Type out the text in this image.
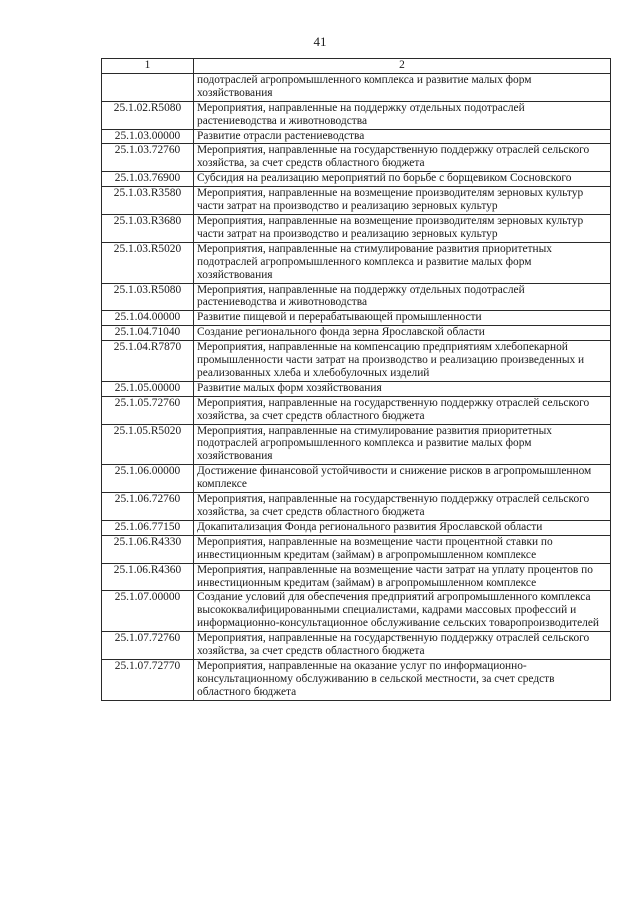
41
1	2
	подотраслей агропромышленного комплекса и развитие малых форм хозяйствования
25.1.02.R5080	Мероприятия, направленные на поддержку отдельных подотраслей растениеводства и животноводства
25.1.03.00000	Развитие отрасли растениеводства
25.1.03.72760	Мероприятия, направленные на государственную поддержку отраслей сельского хозяйства, за счет средств областного бюджета
25.1.03.76900	Субсидия на реализацию мероприятий по борьбе с борщевиком Сосновского
25.1.03.R3580	Мероприятия, направленные на возмещение производителям зерновых культур части затрат на производство и реализацию зерновых культур
25.1.03.R3680	Мероприятия, направленные на возмещение производителям зерновых культур части затрат на производство и реализацию зерновых культур
25.1.03.R5020	Мероприятия, направленные на стимулирование развития приоритетных подотраслей агропромышленного комплекса и развитие малых форм хозяйствования
25.1.03.R5080	Мероприятия, направленные на поддержку отдельных подотраслей растениеводства и животноводства
25.1.04.00000	Развитие пищевой и перерабатывающей промышленности
25.1.04.71040	Создание регионального фонда зерна Ярославской области
25.1.04.R7870	Мероприятия, направленные на компенсацию предприятиям хлебопекарной промышленности части затрат на производство и реализацию произведенных и реализованных хлеба и хлебобулочных изделий
25.1.05.00000	Развитие малых форм хозяйствования
25.1.05.72760	Мероприятия, направленные на государственную поддержку отраслей сельского хозяйства, за счет средств областного бюджета
25.1.05.R5020	Мероприятия, направленные на стимулирование развития приоритетных подотраслей агропромышленного комплекса и развитие малых форм хозяйствования
25.1.06.00000	Достижение финансовой устойчивости и снижение рисков в агропромышленном комплексе
25.1.06.72760	Мероприятия, направленные на государственную поддержку отраслей сельского хозяйства, за счет средств областного бюджета
25.1.06.77150	Докапитализация Фонда регионального развития Ярославской области
25.1.06.R4330	Мероприятия, направленные на возмещение части процентной ставки по инвестиционным кредитам (займам) в агропромышленном комплексе
25.1.06.R4360	Мероприятия, направленные на возмещение части затрат на уплату процентов по инвестиционным кредитам (займам) в агропромышленном комплексе
25.1.07.00000	Создание условий для обеспечения предприятий агропромышленного комплекса высококвалифицированными специалистами, кадрами массовых профессий и информационно-консультационное обслуживание сельских товаропроизводителей
25.1.07.72760	Мероприятия, направленные на государственную поддержку отраслей сельского хозяйства, за счет средств областного бюджета
25.1.07.72770	Мероприятия, направленные на оказание услуг по информационно-консультационному обслуживанию в сельской местности, за счет средств областного бюджета
